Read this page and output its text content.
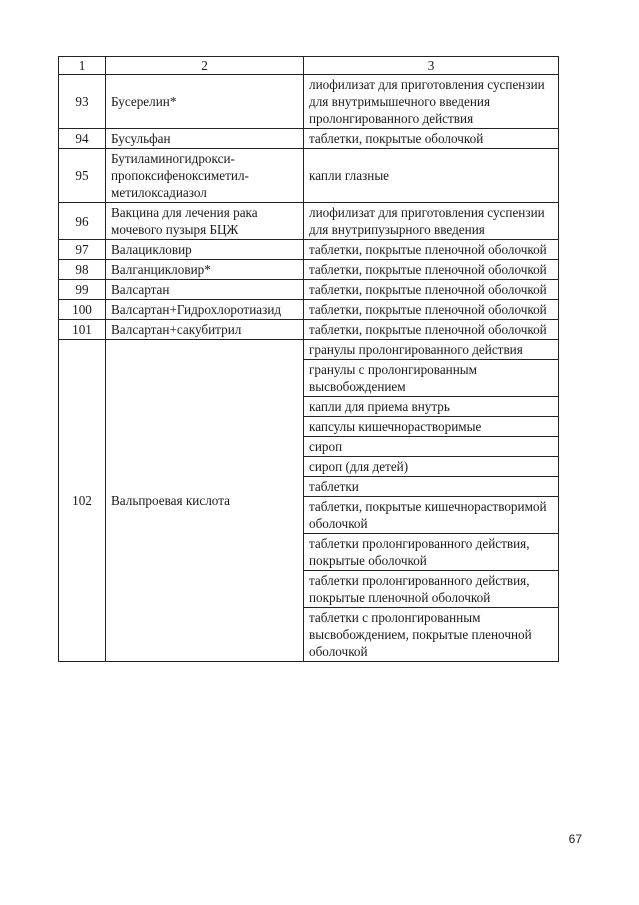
1	2	3
93	Бусерелин*	лиофилизат для приготовления суспензии для внутримышечного введения пролонгированного действия
94	Бусульфан	таблетки, покрытые оболочкой
95	Бутиламиногидрокси-пропоксифеноксиметил-метилоксадиазол	капли глазные
96	Вакцина для лечения рака мочевого пузыря БЦЖ	лиофилизат для приготовления суспензии для внутрипузырного введения
97	Валацикловир	таблетки, покрытые пленочной оболочкой
98	Валганцикловир*	таблетки, покрытые пленочной оболочкой
99	Валсартан	таблетки, покрытые пленочной оболочкой
100	Валсартан+Гидрохлоротиазид	таблетки, покрытые пленочной оболочкой
101	Валсартан+сакубитрил	таблетки, покрытые пленочной оболочкой
102	Вальпроевая кислота	гранулы пролонгированного действия
		гранулы с пролонгированным высвобождением
		капли для приема внутрь
		капсулы кишечнорастворимые
		сироп
		сироп (для детей)
		таблетки
		таблетки, покрытые кишечнорастворимой оболочкой
		таблетки пролонгированного действия, покрытые оболочкой
		таблетки пролонгированного действия, покрытые пленочной оболочкой
		таблетки с пролонгированным высвобождением, покрытые пленочной оболочкой
67
